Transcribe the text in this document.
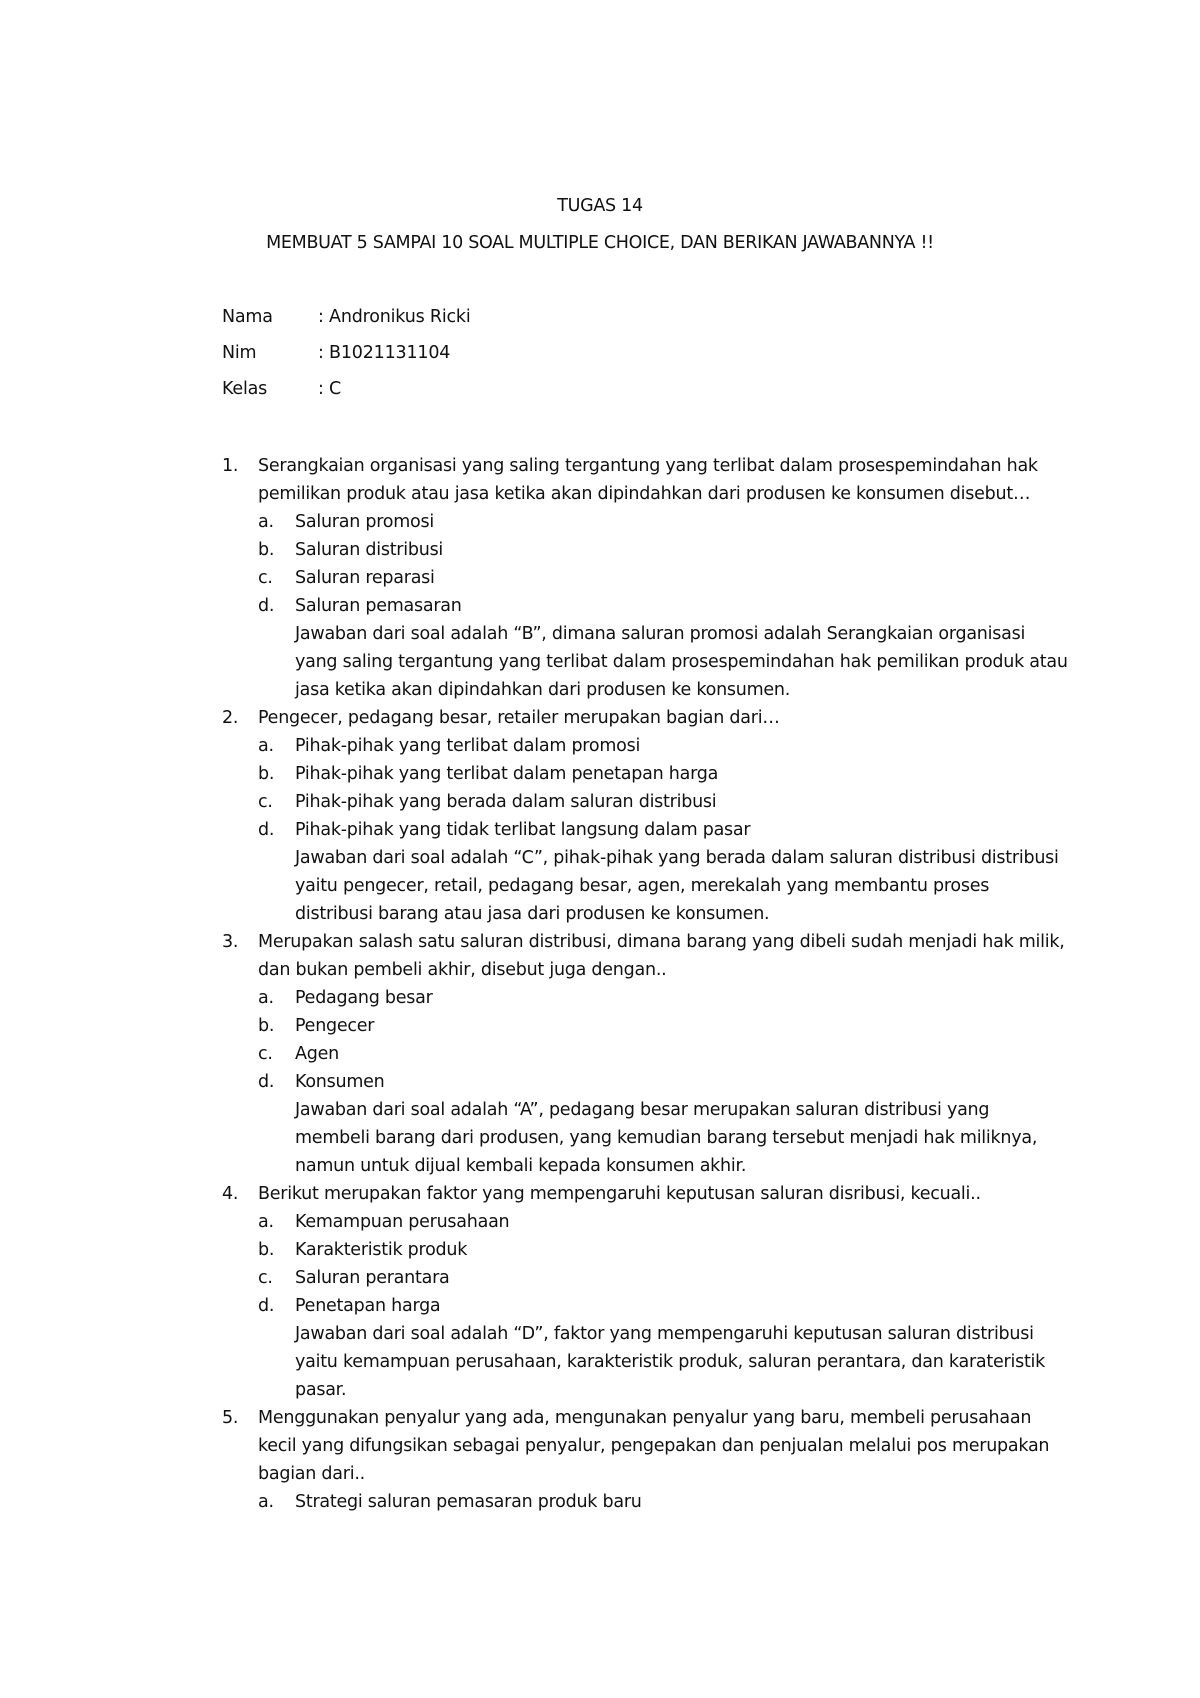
TUGAS 14
MEMBUAT 5 SAMPAI 10 SOAL MULTIPLE CHOICE, DAN BERIKAN JAWABANNYA !!
Nama	: Andronikus Ricki
Nim	: B1021131104
Kelas	: C
1. Serangkaian organisasi yang saling tergantung yang terlibat dalam prosespemindahan hak pemilikan produk atau jasa ketika akan dipindahkan dari produsen ke konsumen disebut…
a. Saluran promosi
b. Saluran distribusi
c. Saluran reparasi
d. Saluran pemasaran
Jawaban dari soal adalah “B”, dimana saluran promosi adalah Serangkaian organisasi yang saling tergantung yang terlibat dalam prosespemindahan hak pemilikan produk atau jasa ketika akan dipindahkan dari produsen ke konsumen.
2. Pengecer, pedagang besar, retailer merupakan bagian dari…
a. Pihak-pihak yang terlibat dalam promosi
b. Pihak-pihak yang terlibat dalam penetapan harga
c. Pihak-pihak yang berada dalam saluran distribusi
d. Pihak-pihak yang tidak terlibat langsung dalam pasar
Jawaban dari soal adalah “C”, pihak-pihak yang berada dalam saluran distribusi distribusi yaitu pengecer, retail, pedagang besar, agen, merekalah yang membantu proses distribusi barang atau jasa dari produsen ke konsumen.
3. Merupakan salash satu saluran distribusi, dimana barang yang dibeli sudah menjadi hak milik, dan bukan pembeli akhir, disebut juga dengan..
a. Pedagang besar
b. Pengecer
c. Agen
d. Konsumen
Jawaban dari soal adalah “A”, pedagang besar merupakan saluran distribusi yang membeli barang dari produsen, yang kemudian barang tersebut menjadi hak miliknya, namun untuk dijual kembali kepada konsumen akhir.
4. Berikut merupakan faktor yang mempengaruhi keputusan saluran disribusi, kecuali..
a. Kemampuan perusahaan
b. Karakteristik produk
c. Saluran perantara
d. Penetapan harga
Jawaban dari soal adalah “D”, faktor yang mempengaruhi keputusan saluran distribusi yaitu kemampuan perusahaan, karakteristik produk, saluran perantara, dan karateristik pasar.
5. Menggunakan penyalur yang ada, mengunakan penyalur yang baru, membeli perusahaan kecil yang difungsikan sebagai penyalur, pengepakan dan penjualan melalui pos merupakan bagian dari..
a. Strategi saluran pemasaran produk baru
